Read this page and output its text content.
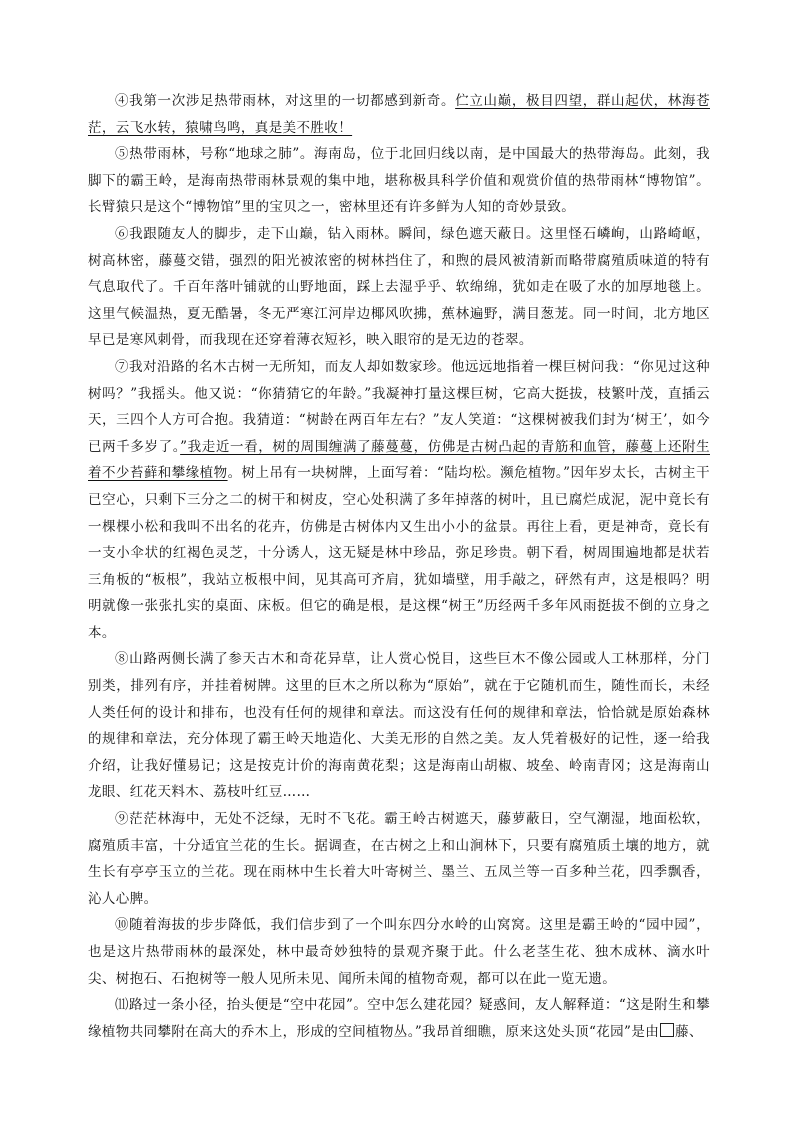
④我第一次涉足热带雨林，对这里的一切都感到新奇。伫立山巅，极目四望，群山起伏，林海苍茫，云飞水转，猿啸鸟鸣，真是美不胜收！

⑤热带雨林，号称“地球之肺”。海南岛，位于北回归线以南，是中国最大的热带海岛。此刻，我脚下的霸王岭，是海南热带雨林景观的集中地，堪称极具科学价值和观赏价值的热带雨林“博物馆”。长臂猿只是这个“博物馆”里的宝贝之一，密林里还有许多鲜为人知的奇妙景致。

⑥我跟随友人的脚步，走下山巅，钻入雨林。瞬间，绿色遮天蔽日。这里怪石嶙峋，山路崎岖，树高林密，藤蔓交错，强烈的阳光被浓密的树林挡住了，和煦的晨风被清新而略带腐殖质味道的特有气息取代了。千百年落叶铺就的山野地面，踩上去湿乎乎、软绵绵，犹如走在吸了水的加厚地毯上。这里气候温热，夏无酷暑，冬无严寒江河岸边椰风吹拂，蕉林遍野，满目葱茏。同一时间，北方地区早已是寒风刺骨，而我现在还穿着薄衣短衫，映入眼帘的是无边的苍翠。

⑦我对沿路的名木古树一无所知，而友人却如数家珍。他远远地指着一棵巨树问我：“你见过这种树吗？”我摇头。他又说：“你猜猜它的年龄。”我凝神打量这棵巨树，它高大挺拔，枝繁叶茂，直插云天，三四个人方可合抱。我猜道：“树龄在两百年左右？”友人笑道：“这棵树被我们封为‘树王’，如今已两千多岁了。”我走近一看，树的周围缠满了藤蔓蔓，仿佛是古树凸起的青筋和血管，藤蔓上还附生着不少苔藓和攀缘植物。树上吊有一块树牌，上面写着：“陆均松。濒危植物。”因年岁太长，古树主干已空心，只剩下三分之二的树干和树皮，空心处积满了多年掉落的树叶，且已腐烂成泥，泥中竟长有一棵棵小松和我叫不出名的花卉，仿佛是古树体内又生出小小的盆景。再往上看，更是神奇，竟长有一支小伞状的红褐色灵芝，十分诱人，这无疑是林中珍品，弥足珍贵。朝下看，树周围遍地都是状若三角板的“板根”，我站立板根中间，见其高可齐肩，犹如墙壁，用手敲之，砰然有声，这是根吗？明明就像一张张扎实的桌面、床板。但它的确是根，是这棵“树王”历经两千多年风雨挺拔不倒的立身之本。

⑧山路两侧长满了参天古木和奇花异草，让人赏心悦目，这些巨木不像公园或人工林那样，分门别类，排列有序，并挂着树牌。这里的巨木之所以称为“原始”，就在于它随机而生，随性而长，未经人类任何的设计和排布，也没有任何的规律和章法。而这没有任何的规律和章法，恰恰就是原始森林的规律和章法，充分体现了霸王岭天地造化、大美无形的自然之美。友人凭着极好的记性，逐一给我介绍，让我好懂易记；这是按克计价的海南黄花梨；这是海南山胡椒、坡垒、岭南青冈；这是海南山龙眼、红花天料木、荔枝叶红豆……

⑨茫茫林海中，无处不泛绿，无时不飞花。霸王岭古树遮天，藤萝蔽日，空气潮湿，地面松软，腐殖质丰富，十分适宜兰花的生长。据调查，在古树之上和山涧林下，只要有腐殖质土壤的地方，就生长有亭亭玉立的兰花。现在雨林中生长着大叶寄树兰、墨兰、五凤兰等一百多种兰花，四季飘香，沁人心脾。

⑩随着海拔的步步降低，我们信步到了一个叫东四分水岭的山窝窝。这里是霸王岭的“园中园”，也是这片热带雨林的最深处，林中最奇妙独特的景观齐聚于此。什么老茎生花、独木成林、滴水叶尖、树抱石、石抱树等一般人见所未见、闻所未闻的植物奇观，都可以在此一览无遗。

⑾路过一条小径，抬头便是“空中花园”。空中怎么建花园？疑惑间，友人解释道：“这是附生和攀缘植物共同攀附在高大的乔木上，形成的空间植物丛。”我昂首细瞧，原来这处头顶“花园”是由 藤、
